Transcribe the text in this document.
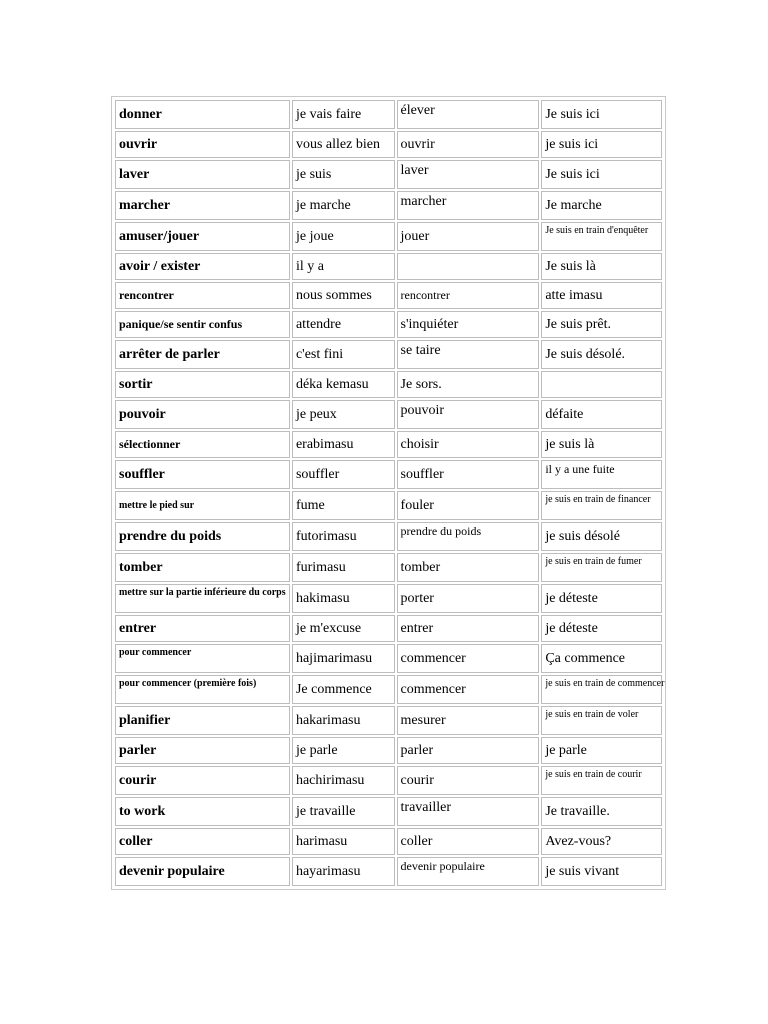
donner	je vais faire	élever	Je suis ici
ouvrir	vous allez bien	ouvrir	je suis ici
laver	je suis	laver	Je suis ici
marcher	je marche	marcher	Je marche
amuser/jouer	je joue	jouer	Je suis en train d'enquêter
avoir / exister	il y a		Je suis là
rencontrer	nous sommes	rencontrer	atte imasu
panique/se sentir confus	attendre	s'inquiéter	Je suis prêt.
arrêter de parler	c'est fini	se taire	Je suis désolé.
sortir	déka kemasu	Je sors.	
pouvoir	je peux	pouvoir	défaite
sélectionner	erabimasu	choisir	je suis là
souffler	souffler	souffler	il y a une fuite
mettre le pied sur	fume	fouler	je suis en train de financer
prendre du poids	futorimasu	prendre du poids	je suis désolé
tomber	furimasu	tomber	je suis en train de fumer
mettre sur la partie inférieure du corps	hakimasu	porter	je déteste
entrer	je m'excuse	entrer	je déteste
pour commencer	hajimarimasu	commencer	Ça commence
pour commencer (première fois)	Je commence	commencer	je suis en train de commencer
planifier	hakarimasu	mesurer	je suis en train de voler
parler	je parle	parler	je parle
courir	hachirimasu	courir	je suis en train de courir
to work	je travaille	travailler	Je travaille.
coller	harimasu	coller	Avez-vous?
devenir populaire	hayarimasu	devenir populaire	je suis vivant
